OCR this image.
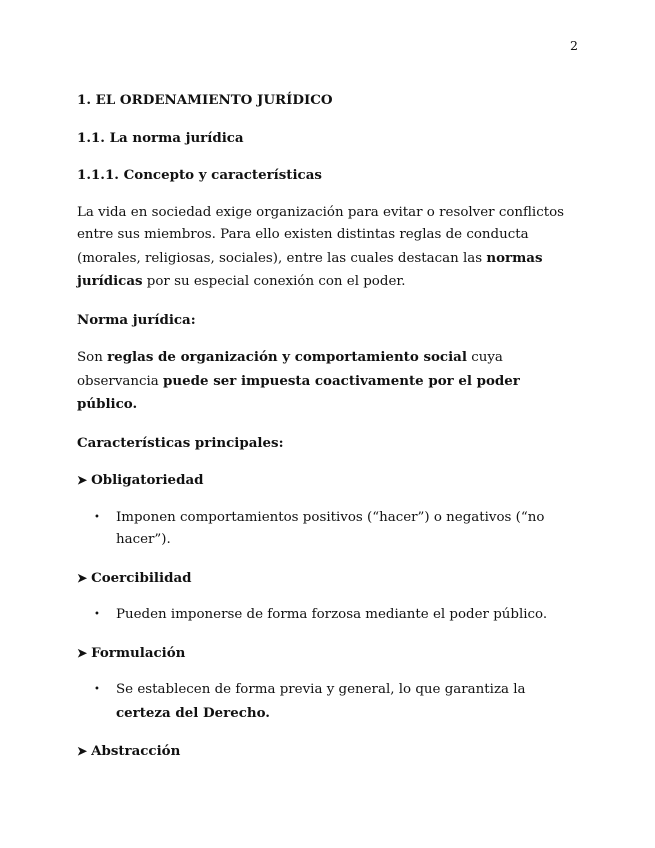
2

1. EL ORDENAMIENTO JURÍDICO

1.1. La norma jurídica

1.1.1. Concepto y características

La vida en sociedad exige organización para evitar o resolver conflictos entre sus miembros. Para ello existen distintas reglas de conducta (morales, religiosas, sociales), entre las cuales destacan las normas jurídicas por su especial conexión con el poder.

Norma jurídica:

Son reglas de organización y comportamiento social cuya observancia puede ser impuesta coactivamente por el poder público.

Características principales:

➤ Obligatoriedad

• Imponen comportamientos positivos (“hacer”) o negativos (“no hacer”).

➤ Coercibilidad

• Pueden imponerse de forma forzosa mediante el poder público.

➤ Formulación

• Se establecen de forma previa y general, lo que garantiza la certeza del Derecho.

➤ Abstracción
